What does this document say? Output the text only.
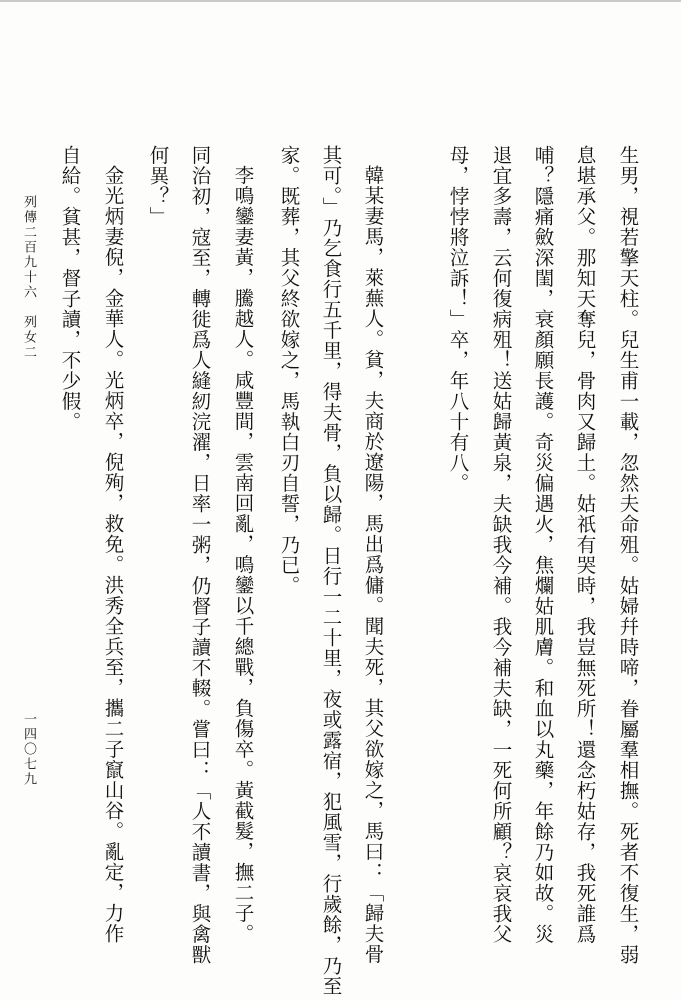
生男，視若擎天柱。兒生甫一載，忽然夫命殂。姑婦幷時啼，眷屬羣相撫。死者不復生，弱
息堪承父。那知天奪兒，骨肉又歸土。姑祇有哭時，我豈無死所！還念朽姑存，我死誰爲
哺？隱痛斂深閨，衰顏願長護。奇災偏遇火，焦爛姑肌膚。和血以丸藥，年餘乃如故。災
退宜多壽，云何復病殂！送姑歸黃泉，夫缺我今補。我今補夫缺，一死何所顧？哀哀我父
母，悖悖將泣訴！」卒，年八十有八。
韓某妻馬，萊蕪人。貧，夫商於遼陽，馬出爲傭。聞夫死，其父欲嫁之，馬曰：「歸夫骨
其可。」乃乞食行五千里，得夫骨，負以歸。日行一二十里，夜或露宿，犯風雪，行歲餘，乃至
家。既葬，其父終欲嫁之，馬執白刃自誓，乃已。
李鳴鑾妻黃，騰越人。咸豐間，雲南回亂，鳴鑾以千總戰，負傷卒。黃截髮，撫二子。
同治初，寇至，轉徙爲人縫紉浣濯，日率一粥，仍督子讀不輟。嘗曰：「人不讀書，與禽獸
何異？」
金光炳妻倪，金華人。光炳卒，倪殉，救免。洪秀全兵至，攜二子竄山谷。亂定，力作
自給。貧甚，督子讀，不少假。
列傳二百九十六　列女二
一四〇七九
